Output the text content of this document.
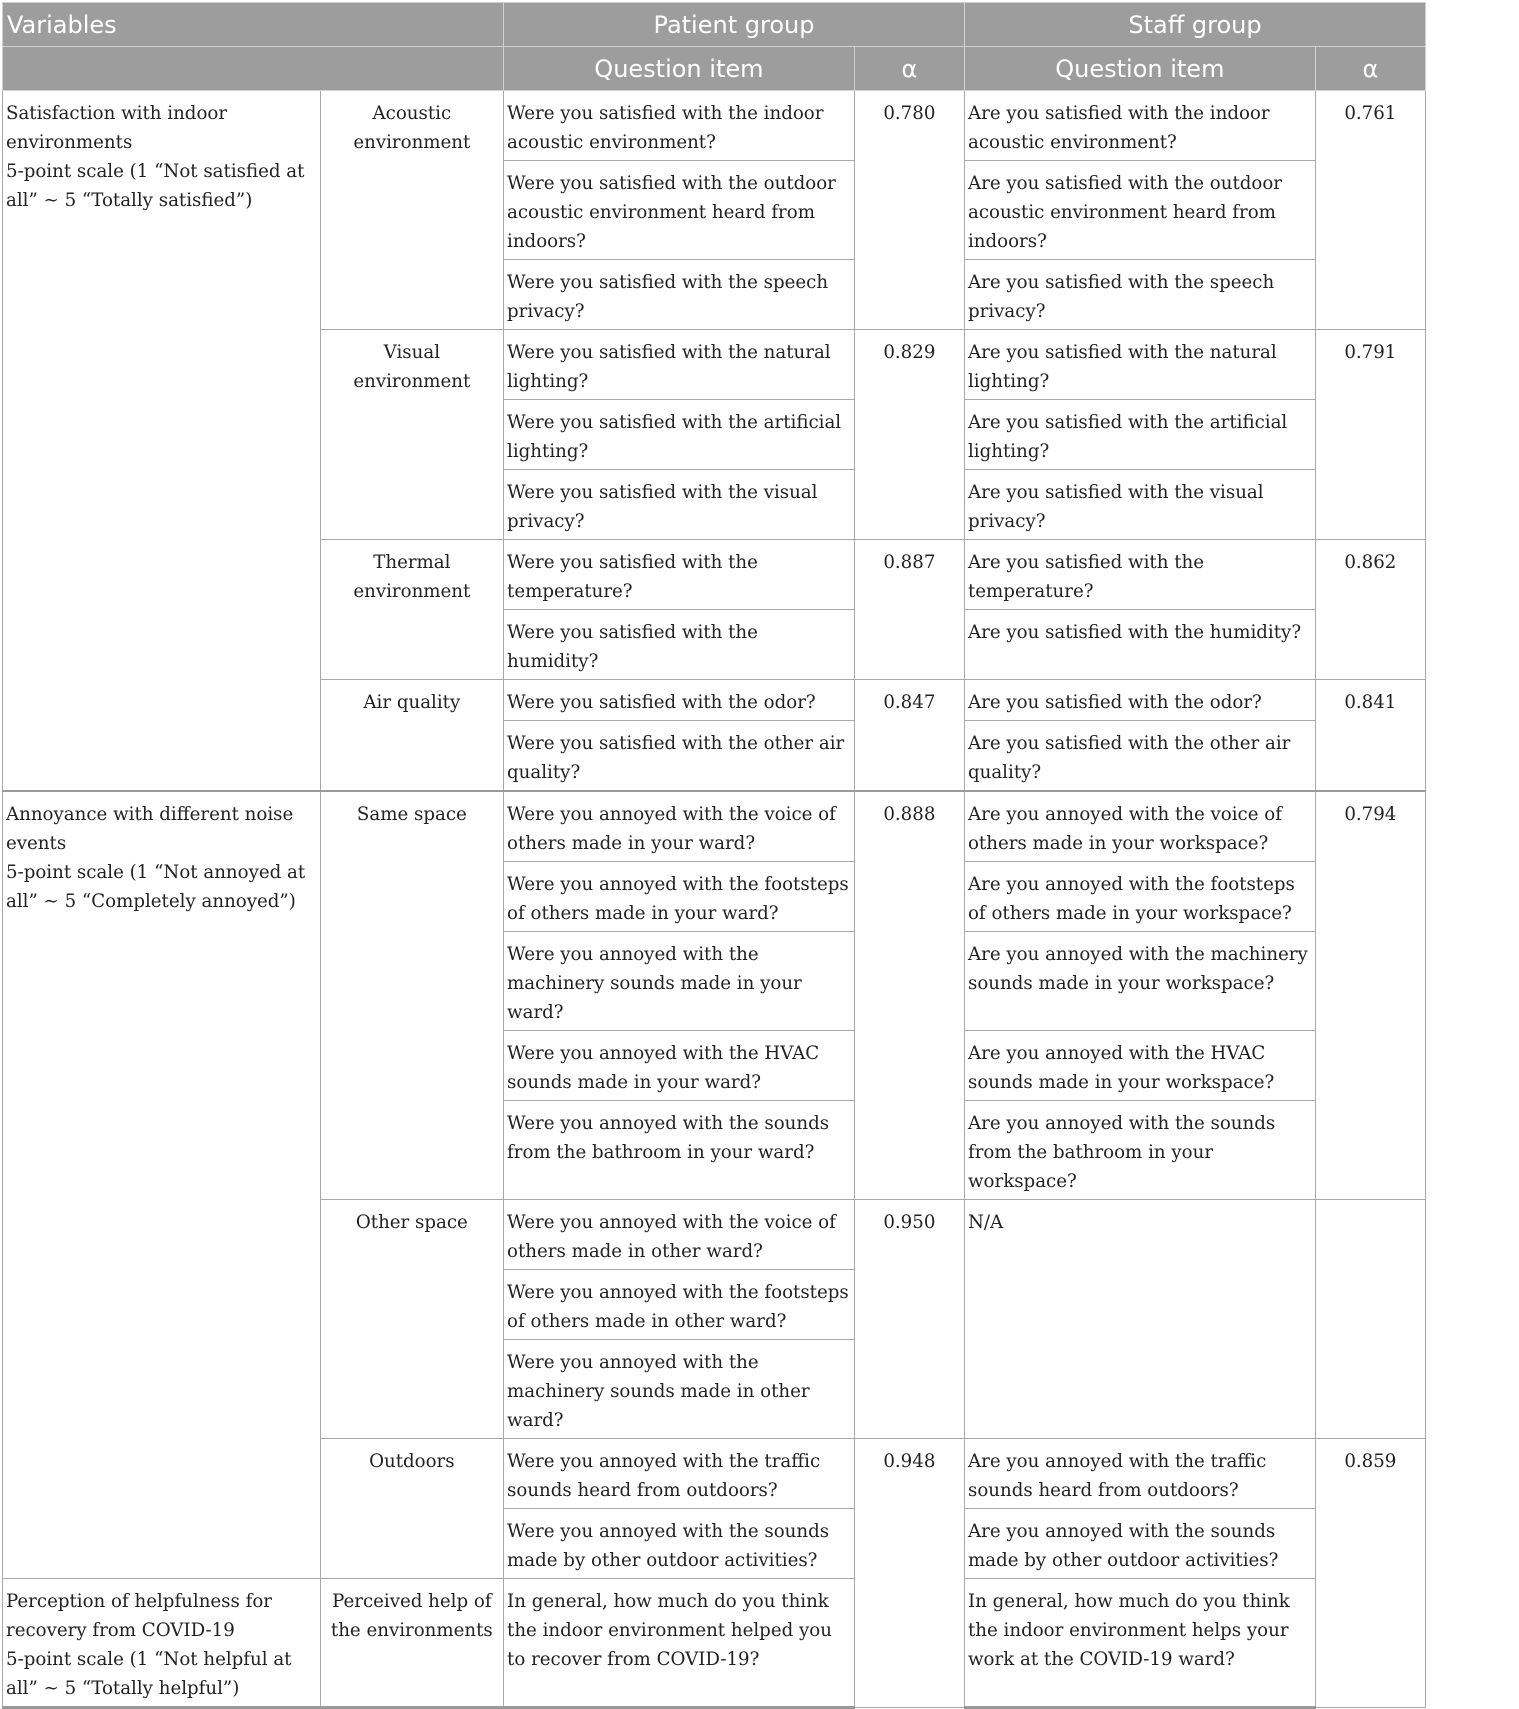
Variables		Patient group		Staff group	
		Question item	α	Question item	α

Satisfaction with indoor environments
5-point scale (1 “Not satisfied at all” ∼ 5 “Totally satisfied”)	Acoustic environment	Were you satisfied with the indoor acoustic environment?	0.780	Are you satisfied with the indoor acoustic environment?	0.761
		Were you satisfied with the outdoor acoustic environment heard from indoors?		Are you satisfied with the outdoor acoustic environment heard from indoors?	
		Were you satisfied with the speech privacy?		Are you satisfied with the speech privacy?	
	Visual environment	Were you satisfied with the natural lighting?	0.829	Are you satisfied with the natural lighting?	0.791
		Were you satisfied with the artificial lighting?		Are you satisfied with the artificial lighting?	
		Were you satisfied with the visual privacy?		Are you satisfied with the visual privacy?	
	Thermal environment	Were you satisfied with the temperature?	0.887	Are you satisfied with the temperature?	0.862
		Were you satisfied with the humidity?		Are you satisfied with the humidity?	
	Air quality	Were you satisfied with the odor?	0.847	Are you satisfied with the odor?	0.841
		Were you satisfied with the other air quality?		Are you satisfied with the other air quality?	

Annoyance with different noise events
5-point scale (1 “Not annoyed at all” ∼ 5 “Completely annoyed”)	Same space	Were you annoyed with the voice of others made in your ward?	0.888	Are you annoyed with the voice of others made in your workspace?	0.794
		Were you annoyed with the footsteps of others made in your ward?		Are you annoyed with the footsteps of others made in your workspace?	
		Were you annoyed with the machinery sounds made in your ward?		Are you annoyed with the machinery sounds made in your workspace?	
		Were you annoyed with the HVAC sounds made in your ward?		Are you annoyed with the HVAC sounds made in your workspace?	
		Were you annoyed with the sounds from the bathroom in your ward?		Are you annoyed with the sounds from the bathroom in your workspace?	
	Other space	Were you annoyed with the voice of others made in other ward?	0.950	N/A	
		Were you annoyed with the footsteps of others made in other ward?			
		Were you annoyed with the machinery sounds made in other ward?			
	Outdoors	Were you annoyed with the traffic sounds heard from outdoors?	0.948	Are you annoyed with the traffic sounds heard from outdoors?	0.859
		Were you annoyed with the sounds made by other outdoor activities?		Are you annoyed with the sounds made by other outdoor activities?	

Perception of helpfulness for recovery from COVID-19
5-point scale (1 “Not helpful at all” ∼ 5 “Totally helpful”)	Perceived help of the environments	In general, how much do you think the indoor environment helped you to recover from COVID-19?		In general, how much do you think the indoor environment helps your work at the COVID-19 ward?	
